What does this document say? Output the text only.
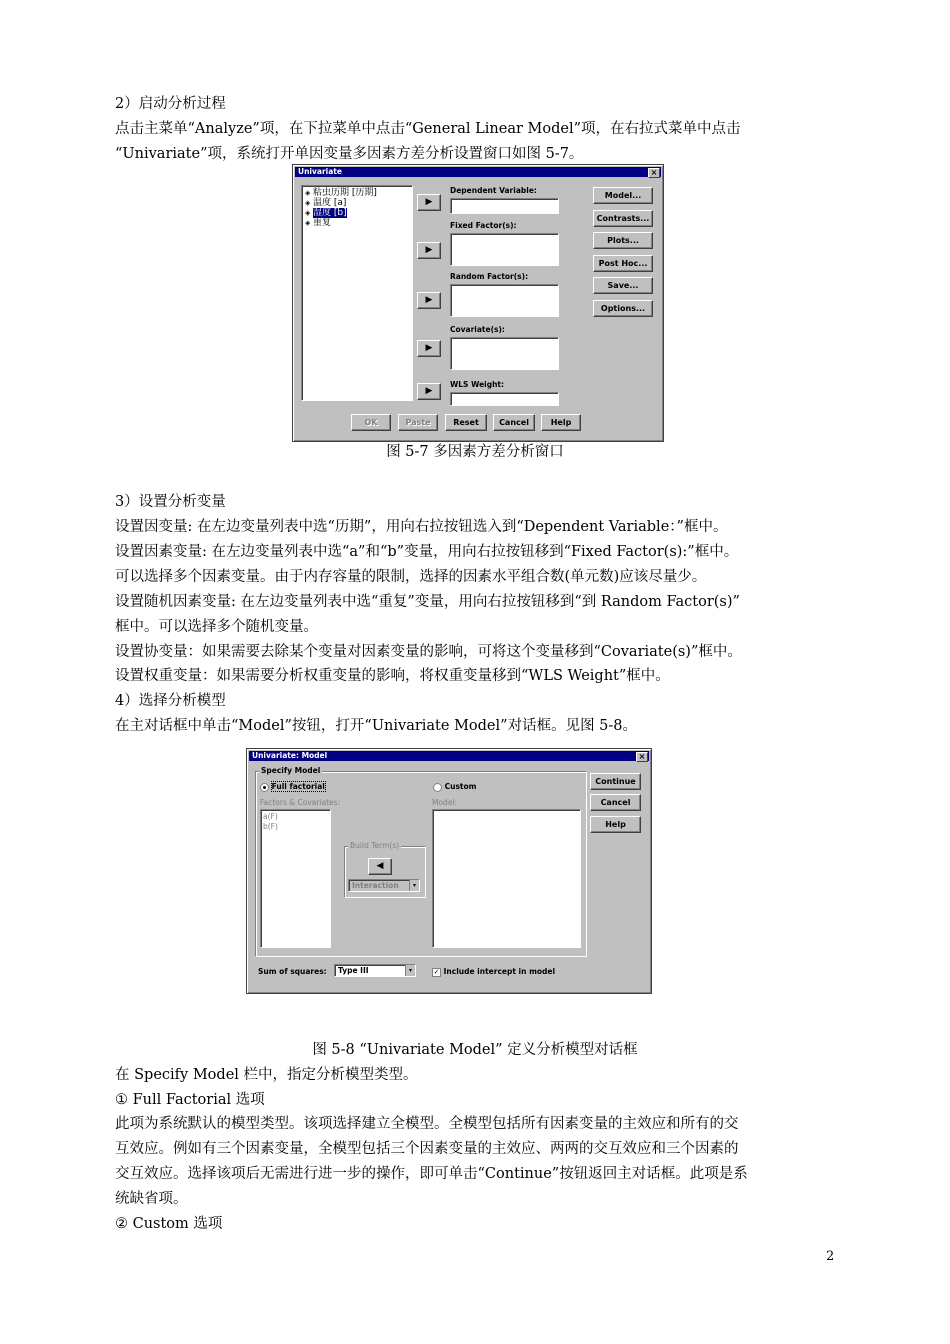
2）启动分析过程
点击主菜单“Analyze”项，在下拉菜单中点击“General Linear Model”项，在右拉式菜单中点击
“Univariate”项，系统打开单因变量多因素方差分析设置窗口如图 5-7。
Univariate	×
◈ 粘虫历期 [历期]
◈ 温度 [a]
◈ 湿度 [b]
◈ 重复
▶
Dependent Variable:
▶
Fixed Factor(s):
▶
Random Factor(s):
▶
Covariate(s):
▶
WLS Weight:
Model...
Contrasts...
Plots...
Post Hoc...
Save...
Options...
OK	Paste	Reset	Cancel	Help
图 5-7 多因素方差分析窗口
3）设置分析变量
设置因变量: 在左边变量列表中选“历期”，用向右拉按钮选入到“Dependent Variable：”框中。
设置因素变量: 在左边变量列表中选“a”和“b”变量，用向右拉按钮移到“Fixed Factor(s):”框中。
可以选择多个因素变量。由于内存容量的限制，选择的因素水平组合数(单元数)应该尽量少。
设置随机因素变量: 在左边变量列表中选“重复”变量，用向右拉按钮移到“到 Random Factor(s)”
框中。可以选择多个随机变量。
设置协变量：如果需要去除某个变量对因素变量的影响，可将这个变量移到“Covariate(s)”框中。
设置权重变量：如果需要分析权重变量的影响，将权重变量移到“WLS Weight”框中。
4）选择分析模型
在主对话框中单击“Model”按钮，打开“Univariate Model”对话框。见图 5-8。
Univariate: Model	×
Specify Model
Full factorial	Custom
Factors & Covariates:	Model:
a(F)
b(F)
Build Term(s)
◀
Interaction	▾
Continue
Cancel
Help
Sum of squares:	Type III	▾	✓ Include intercept in model
图 5-8 “Univariate Model” 定义分析模型对话框
在 Specify Model 栏中，指定分析模型类型。
① Full Factorial 选项
此项为系统默认的模型类型。该项选择建立全模型。全模型包括所有因素变量的主效应和所有的交
互效应。例如有三个因素变量，全模型包括三个因素变量的主效应、两两的交互效应和三个因素的
交互效应。选择该项后无需进行进一步的操作，即可单击“Continue”按钮返回主对话框。此项是系
统缺省项。
② Custom 选项
2
